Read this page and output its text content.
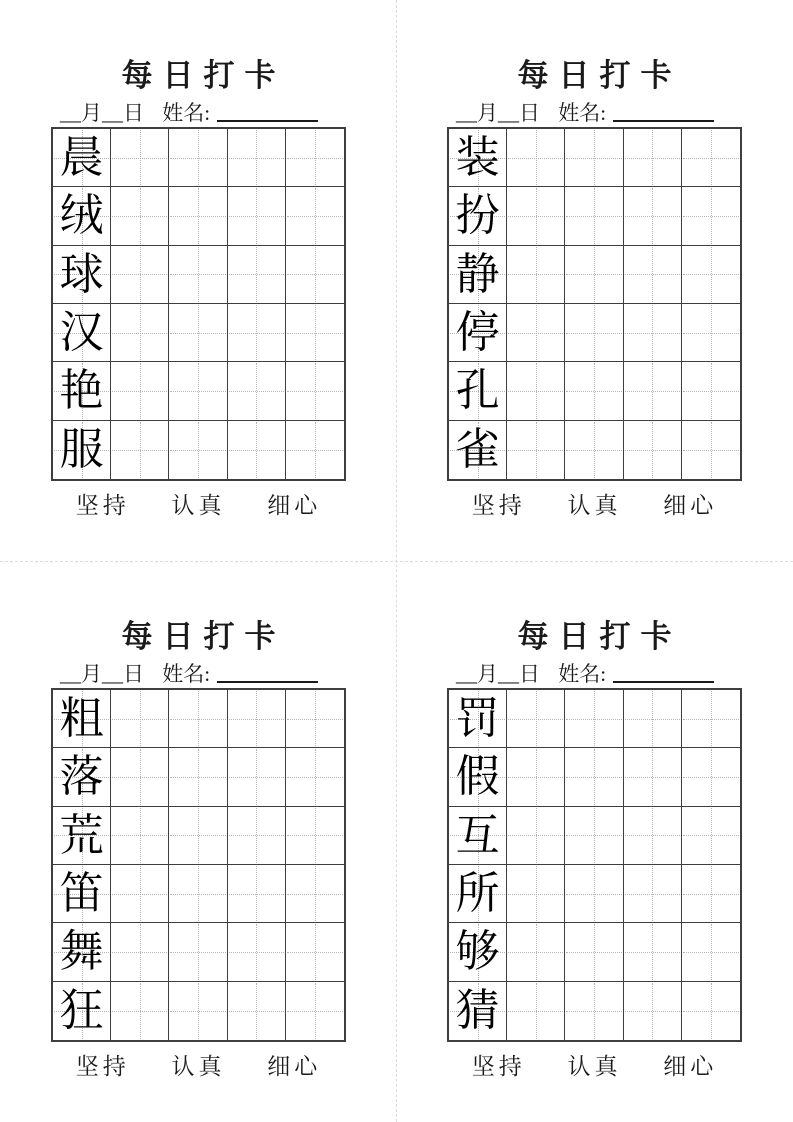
每日打卡
__月__日 姓名:
晨
绒
球
汉
艳
服
坚持 认真 细心
每日打卡
__月__日 姓名:
装
扮
静
停
孔
雀
坚持 认真 细心
每日打卡
__月__日 姓名:
粗
落
荒
笛
舞
狂
坚持 认真 细心
每日打卡
__月__日 姓名:
罚
假
互
所
够
猜
坚持 认真 细心
